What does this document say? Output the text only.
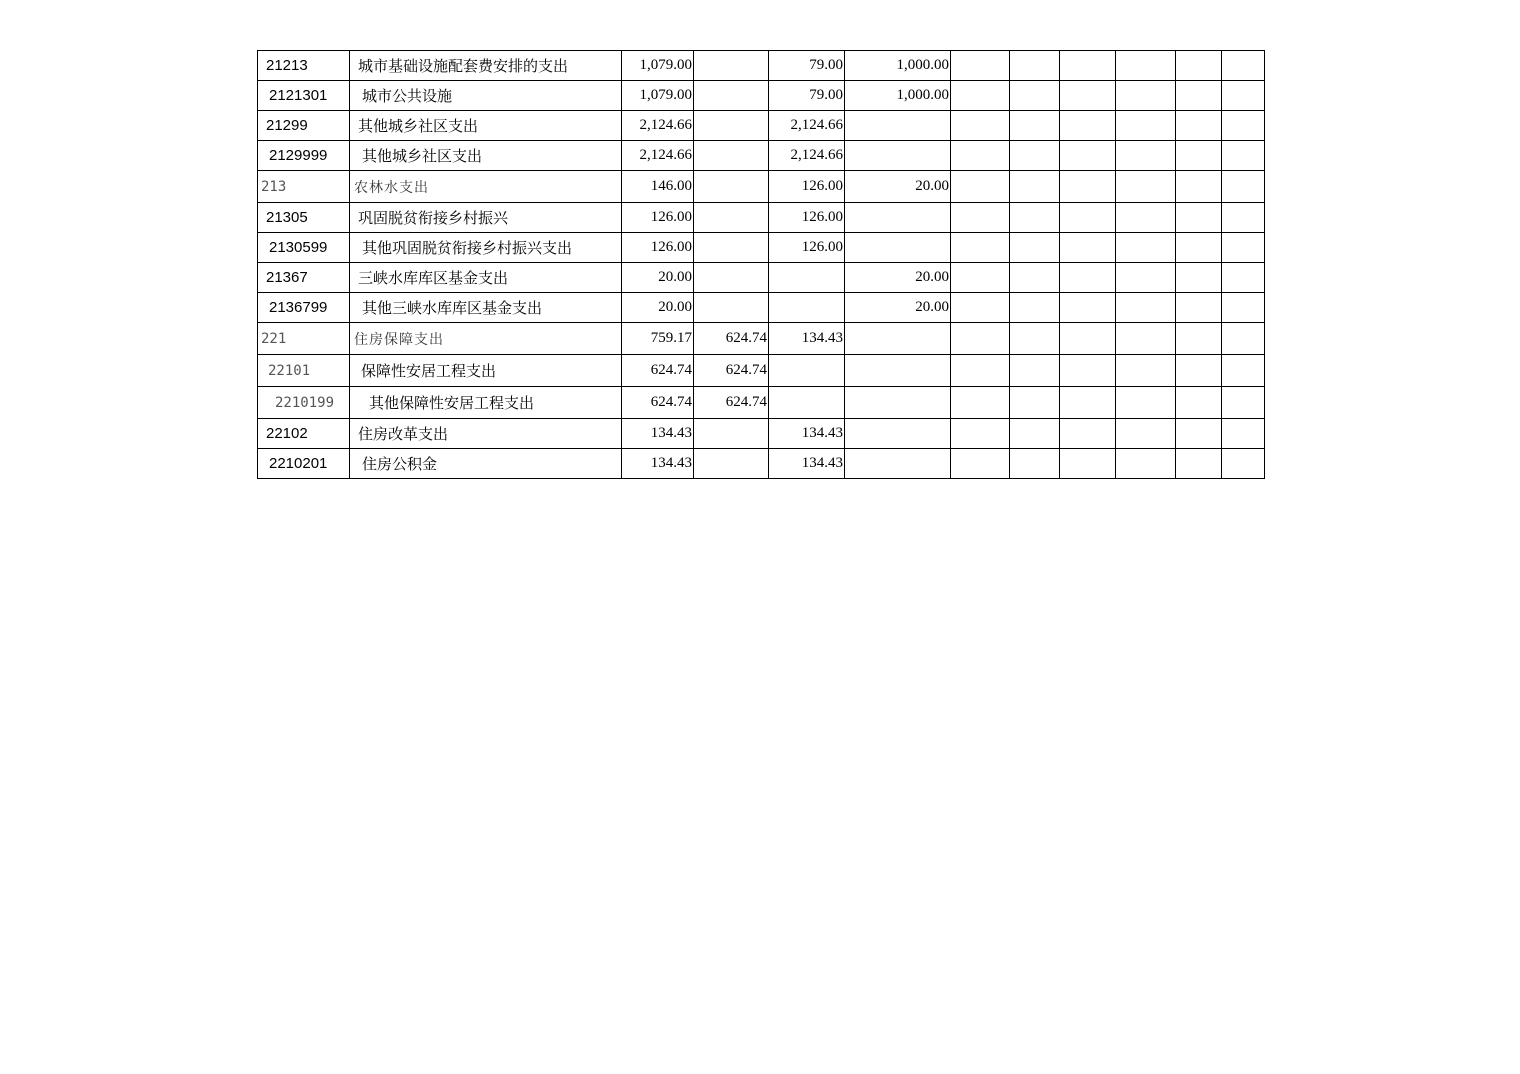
21213	城市基础设施配套费安排的支出	1,079.00		79.00	1,000.00						
2121301	城市公共设施	1,079.00		79.00	1,000.00						
21299	其他城乡社区支出	2,124.66		2,124.66							
2129999	其他城乡社区支出	2,124.66		2,124.66							
213	农林水支出	146.00		126.00	20.00						
21305	巩固脱贫衔接乡村振兴	126.00		126.00							
2130599	其他巩固脱贫衔接乡村振兴支出	126.00		126.00							
21367	三峡水库库区基金支出	20.00			20.00						
2136799	其他三峡水库库区基金支出	20.00			20.00						
221	住房保障支出	759.17	624.74	134.43							
22101	保障性安居工程支出	624.74	624.74								
2210199	其他保障性安居工程支出	624.74	624.74								
22102	住房改革支出	134.43		134.43							
2210201	住房公积金	134.43		134.43							
